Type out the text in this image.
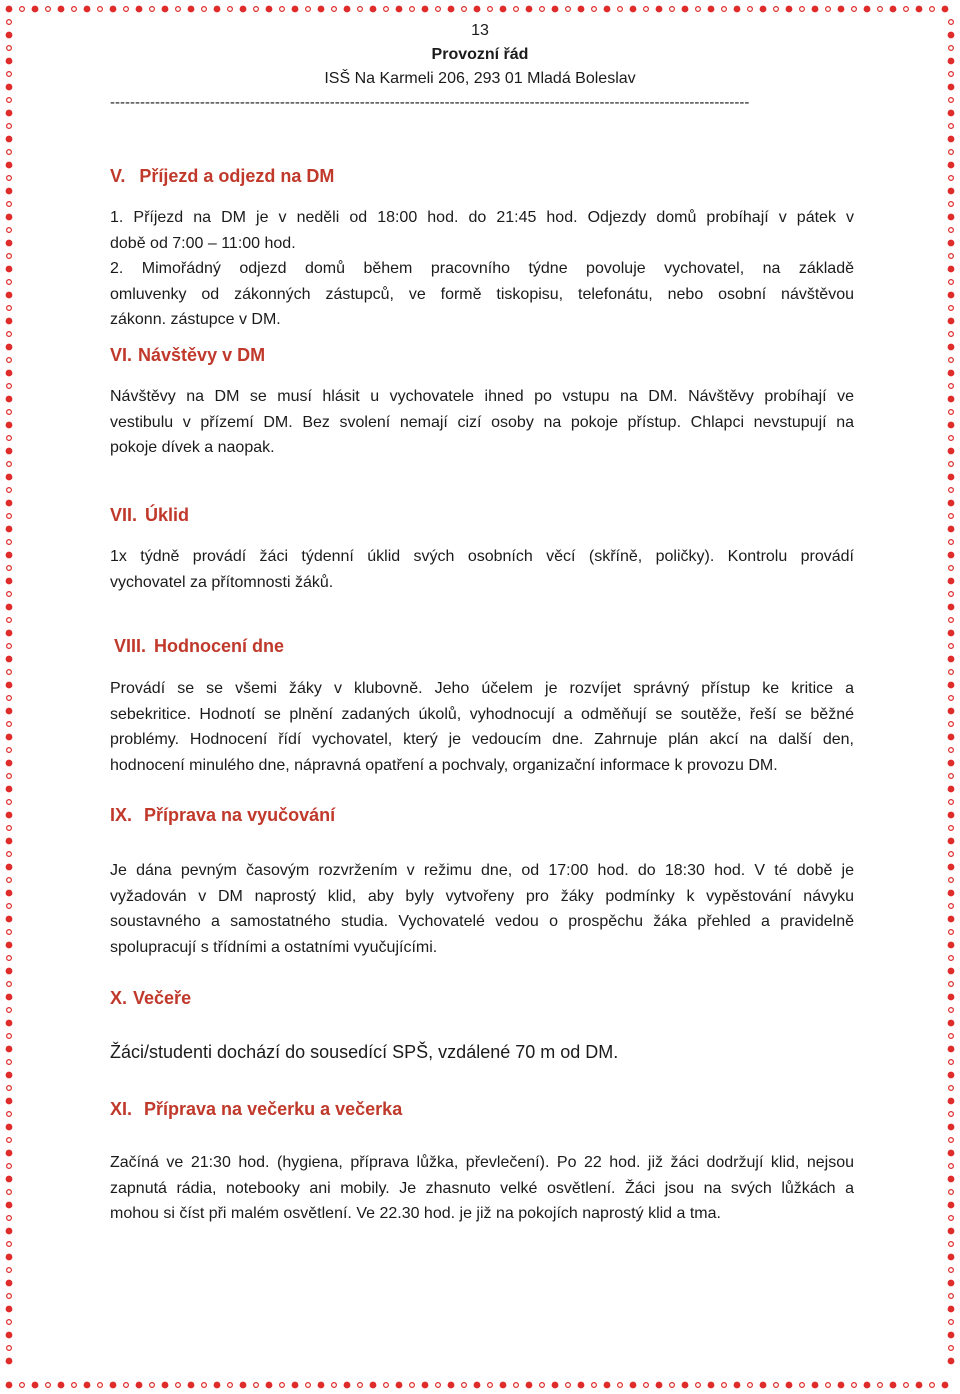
13
Provozní řád
ISŠ Na Karmeli 206, 293 01 Mladá Boleslav
--------------------------------------------------------------------------------------------------------------------------------
V. Příjezd a odjezd na DM
1. Příjezd na DM je v neděli od 18:00 hod. do 21:45 hod. Odjezdy domů probíhají v pátek v
době od 7:00 – 11:00 hod.
2. Mimořádný odjezd domů během pracovního týdne povoluje vychovatel, na základě
omluvenky od zákonných zástupců, ve formě tiskopisu, telefonátu, nebo osobní návštěvou
zákonn. zástupce v DM.
VI. Návštěvy v DM
Návštěvy na DM se musí hlásit u vychovatele ihned po vstupu na DM. Návštěvy probíhají ve
vestibulu v přízemí DM. Bez svolení nemají cizí osoby na pokoje přístup. Chlapci nevstupují na
pokoje dívek a naopak.
VII. Úklid
1x týdně provádí žáci týdenní úklid svých osobních věcí (skříně, poličky). Kontrolu provádí
vychovatel za přítomnosti žáků.
VIII. Hodnocení dne
Provádí se se všemi žáky v klubovně. Jeho účelem je rozvíjet správný přístup ke kritice a
sebekritice. Hodnotí se plnění zadaných úkolů, vyhodnocují a odměňují se soutěže, řeší se běžné
problémy. Hodnocení řídí vychovatel, který je vedoucím dne. Zahrnuje plán akcí na další den,
hodnocení minulého dne, nápravná opatření a pochvaly, organizační informace k provozu DM.
IX. Příprava na vyučování
Je dána pevným časovým rozvržením v režimu dne, od 17:00 hod. do 18:30 hod. V té době je
vyžadován v DM naprostý klid, aby byly vytvořeny pro žáky podmínky k vypěstování návyku
soustavného a samostatného studia. Vychovatelé vedou o prospěchu žáka přehled a pravidelně
spolupracují s třídními a ostatními vyučujícími.
X. Večeře
Žáci/studenti dochází do sousedící SPŠ, vzdálené 70 m od DM.
XI. Příprava na večerku a večerka
Začíná ve 21:30 hod. (hygiena, příprava lůžka, převlečení). Po 22 hod. již žáci dodržují klid, nejsou
zapnutá rádia, notebooky ani mobily. Je zhasnuto velké osvětlení. Žáci jsou na svých lůžkách a
mohou si číst při malém osvětlení. Ve 22.30 hod. je již na pokojích naprostý klid a tma.
